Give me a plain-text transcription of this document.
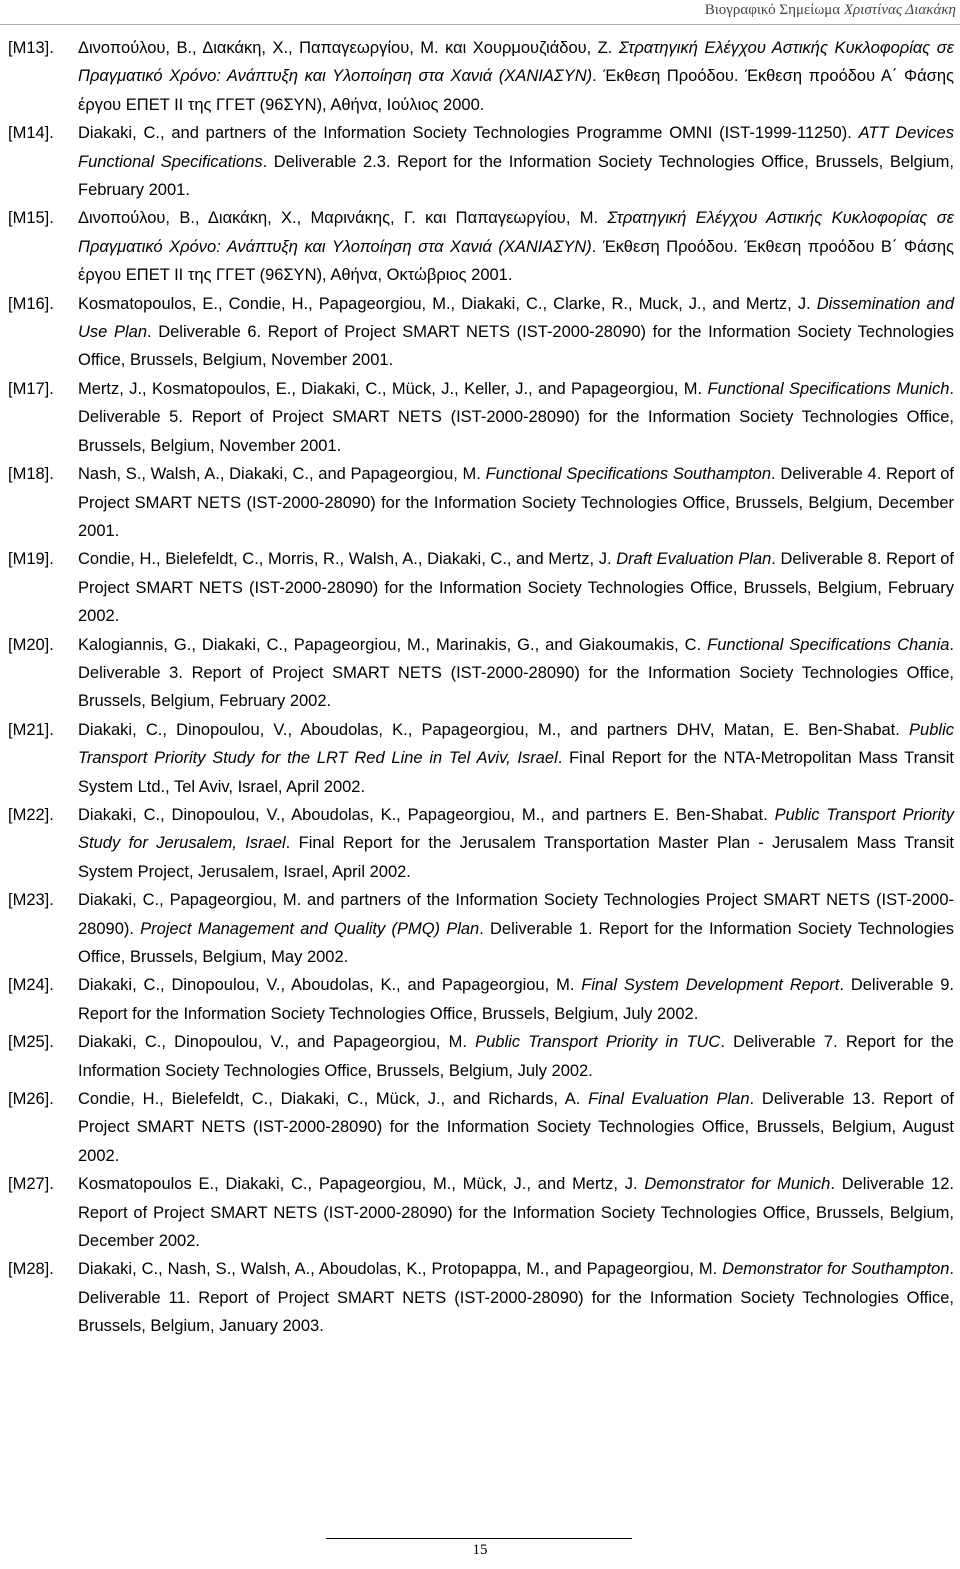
Βιογραφικό Σημείωμα Χριστίνας Διακάκη
[M13].	Δινοπούλου, Β., Διακάκη, Χ., Παπαγεωργίου, Μ. και Χουρμουζιάδου, Ζ. Στρατηγική Ελέγχου Αστικής Κυκλοφορίας σε Πραγματικό Χρόνο: Ανάπτυξη και Υλοποίηση στα Χανιά (ΧΑΝΙΑΣΥΝ). Έκθεση Προόδου. Έκθεση προόδου Α΄ Φάσης έργου ΕΠΕΤ ΙΙ της ΓΓΕΤ (96ΣΥΝ), Αθήνα, Ιούλιος 2000.
[M14].	Diakaki, C., and partners of the Information Society Technologies Programme OMNI (IST-1999-11250). ATT Devices Functional Specifications. Deliverable 2.3. Report for the Information Society Technologies Office, Brussels, Belgium, February 2001.
[M15].	Δινοπούλου, Β., Διακάκη, Χ., Μαρινάκης, Γ. και Παπαγεωργίου, Μ. Στρατηγική Ελέγχου Αστικής Κυκλοφορίας σε Πραγματικό Χρόνο: Ανάπτυξη και Υλοποίηση στα Χανιά (ΧΑΝΙΑΣΥΝ). Έκθεση Προόδου. Έκθεση προόδου Β΄ Φάσης έργου ΕΠΕΤ ΙΙ της ΓΓΕΤ (96ΣΥΝ), Αθήνα, Οκτώβριος 2001.
[M16].	Kosmatopoulos, E., Condie, H., Papageorgiou, M., Diakaki, C., Clarke, R., Muck, J., and Mertz, J. Dissemination and Use Plan. Deliverable 6. Report of Project SMART NETS (IST-2000-28090) for the Information Society Technologies Office, Brussels, Belgium, November 2001.
[M17].	Mertz, J., Kosmatopoulos, E., Diakaki, C., Mück, J., Keller, J., and Papageorgiou, M. Functional Specifications Munich. Deliverable 5. Report of Project SMART NETS (IST-2000-28090) for the Information Society Technologies Office, Brussels, Belgium, November 2001.
[M18].	Nash, S., Walsh, A., Diakaki, C., and Papageorgiou, M. Functional Specifications Southampton. Deliverable 4. Report of Project SMART NETS (IST-2000-28090) for the Information Society Technologies Office, Brussels, Belgium, December 2001.
[M19].	Condie, H., Bielefeldt, C., Morris, R., Walsh, A., Diakaki, C., and Mertz, J. Draft Evaluation Plan. Deliverable 8. Report of Project SMART NETS (IST-2000-28090) for the Information Society Technologies Office, Brussels, Belgium, February 2002.
[M20].	Kalogiannis, G., Diakaki, C., Papageorgiou, M., Marinakis, G., and Giakoumakis, C. Functional Specifications Chania. Deliverable 3. Report of Project SMART NETS (IST-2000-28090) for the Information Society Technologies Office, Brussels, Belgium, February 2002.
[M21].	Diakaki, C., Dinopoulou, V., Aboudolas, K., Papageorgiou, M., and partners DHV, Matan, E. Ben-Shabat. Public Transport Priority Study for the LRT Red Line in Tel Aviv, Israel. Final Report for the NTA-Metropolitan Mass Transit System Ltd., Tel Aviv, Israel, April 2002.
[M22].	Diakaki, C., Dinopoulou, V., Aboudolas, K., Papageorgiou, M., and partners E. Ben-Shabat. Public Transport Priority Study for Jerusalem, Israel. Final Report for the Jerusalem Transportation Master Plan - Jerusalem Mass Transit System Project, Jerusalem, Israel, April 2002.
[M23].	Diakaki, C., Papageorgiou, M. and partners of the Information Society Technologies Project SMART NETS (IST-2000-28090). Project Management and Quality (PMQ) Plan. Deliverable 1. Report for the Information Society Technologies Office, Brussels, Belgium, May 2002.
[M24].	Diakaki, C., Dinopoulou, V., Aboudolas, K., and Papageorgiou, M. Final System Development Report. Deliverable 9. Report for the Information Society Technologies Office, Brussels, Belgium, July 2002.
[M25].	Diakaki, C., Dinopoulou, V., and Papageorgiou, M. Public Transport Priority in TUC. Deliverable 7. Report for the Information Society Technologies Office, Brussels, Belgium, July 2002.
[M26].	Condie, H., Bielefeldt, C., Diakaki, C., Mück, J., and Richards, A. Final Evaluation Plan. Deliverable 13. Report of Project SMART NETS (IST-2000-28090) for the Information Society Technologies Office, Brussels, Belgium, August 2002.
[M27].	Kosmatopoulos E., Diakaki, C., Papageorgiou, M., Mück, J., and Mertz, J. Demonstrator for Munich. Deliverable 12. Report of Project SMART NETS (IST-2000-28090) for the Information Society Technologies Office, Brussels, Belgium, December 2002.
[M28].	Diakaki, C., Nash, S., Walsh, A., Aboudolas, K., Protopappa, M., and Papageorgiou, M. Demonstrator for Southampton. Deliverable 11. Report of Project SMART NETS (IST-2000-28090) for the Information Society Technologies Office, Brussels, Belgium, January 2003.
15
